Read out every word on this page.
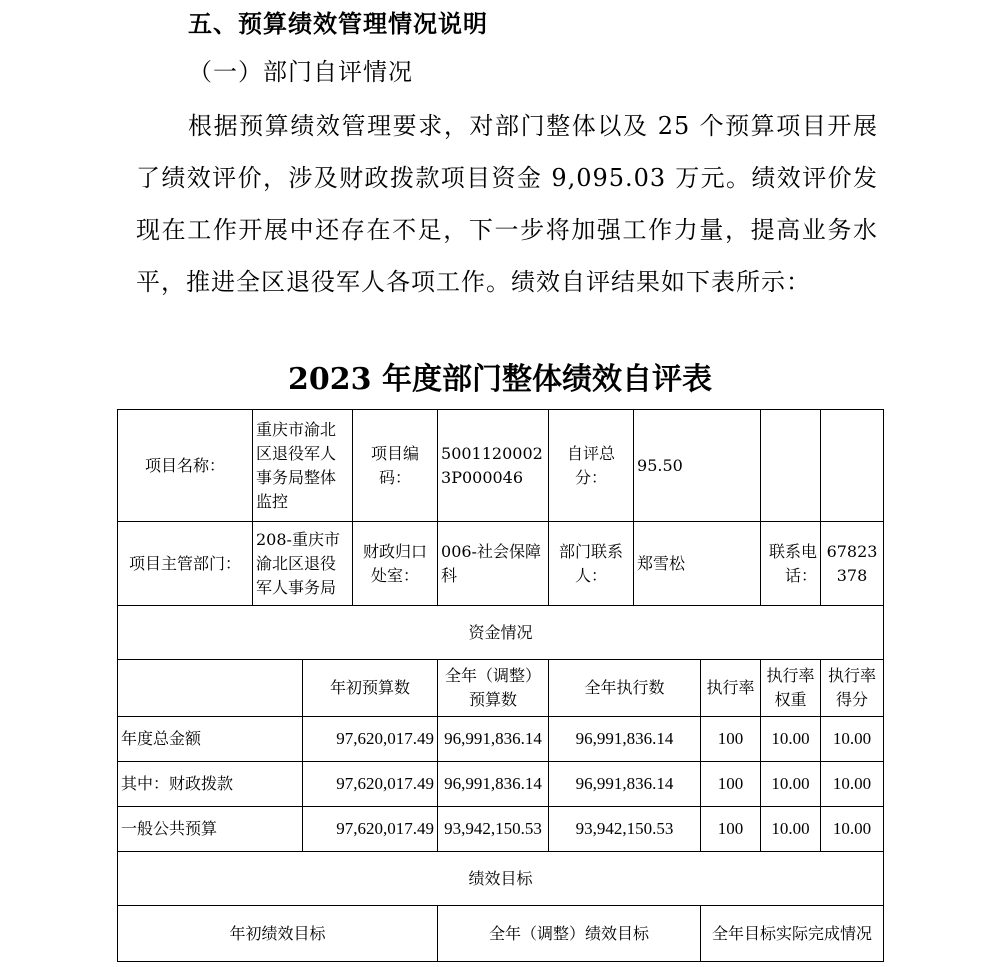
五、预算绩效管理情况说明
（一）部门自评情况

根据预算绩效管理要求，对部门整体以及 25 个预算项目开展了绩效评价，涉及财政拨款项目资金 9,095.03 万元。绩效评价发现在工作开展中还存在不足，下一步将加强工作力量，提高业务水平，推进全区退役军人各项工作。绩效自评结果如下表所示：

2023 年度部门整体绩效自评表
项目名称：	重庆市渝北区退役军人事务局整体监控		项目编码：	50011200023P000046	自评总分：	95.50			
项目主管部门：	208-重庆市渝北区退役军人事务局		财政归口处室：	006-社会保障科	部门联系人：	郑雪松		联系电话：	67823378
资金情况									
		年初预算数		全年（调整）预算数	全年执行数		执行率	执行率权重	执行率得分
年度总金额		97,620,017.49		96,991,836.14	96,991,836.14		100	10.00	10.00
其中：财政拨款		97,620,017.49		96,991,836.14	96,991,836.14		100	10.00	10.00
一般公共预算		97,620,017.49		93,942,150.53	93,942,150.53		100	10.00	10.00
绩效目标									
年初绩效目标				全年（调整）绩效目标			全年目标实际完成情况		
